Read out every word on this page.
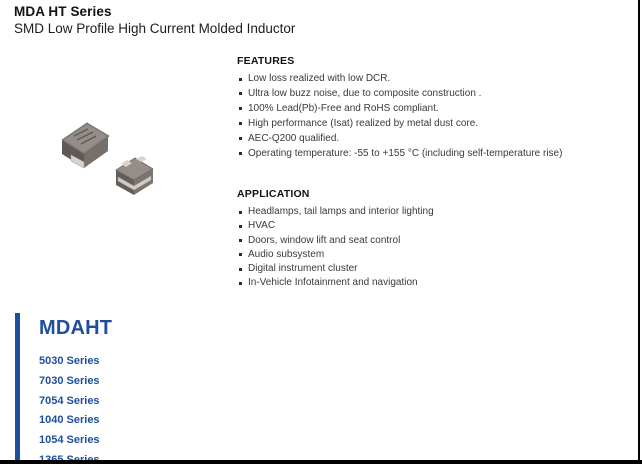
MDA HT Series
SMD Low Profile High Current Molded Inductor
FEATURES
Low loss realized with low DCR.
Ultra low buzz noise, due to composite construction .
100% Lead(Pb)-Free and RoHS compliant.
High performance (Isat) realized by metal dust core.
AEC-Q200 qualified.
Operating temperature: -55 to +155 °C (including self-temperature rise)
APPLICATION
Headlamps, tail lamps and interior lighting
HVAC
Doors, window lift and seat control
Audio subsystem
Digital instrument cluster
In-Vehicle Infotainment and navigation
MDAHT
5030 Series
7030 Series
7054 Series
1040 Series
1054 Series
